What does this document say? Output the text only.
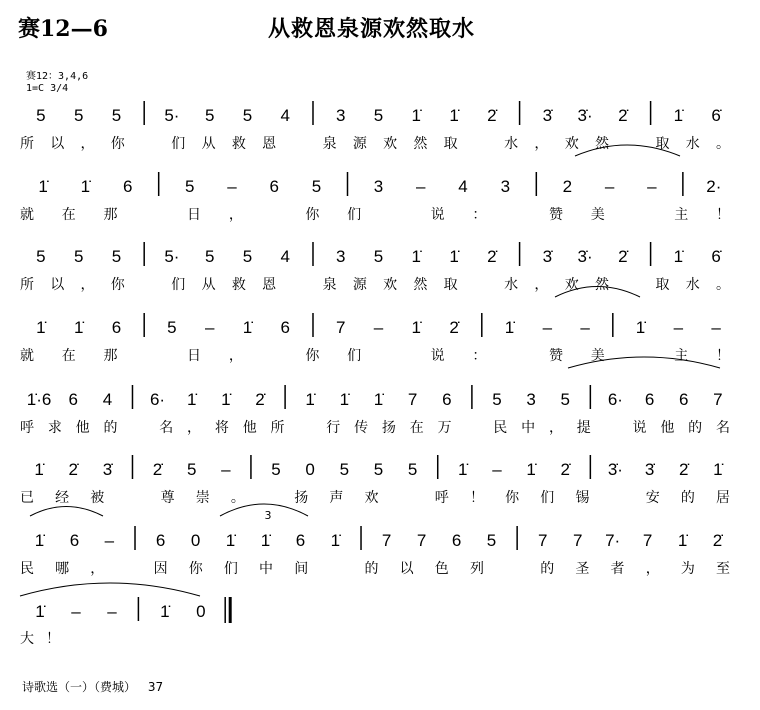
赛12—6	从救恩泉源欢然取水
赛12：3,4,6
1=C 3/4
5 5 5	5· 5 5 4	3 5 1̇ 1̇ 2̇	3̇ 3̇· 2̇	1̇ 6̇
所以，你　们从救恩　泉源欢然取　水，欢然　取水。
1̇ 1̇ 6	5 – 6 5	3 – 4 3	2 – –	2·
就在那　日，　你们　说：　赞美　主！
5 5 5	5· 5 5 4	3 5 1̇ 1̇ 2̇	3̇ 3̇· 2̇	1̇ 6̇
所以，你　们从救恩　泉源欢然取　水，欢然　取水。
1̇ 1̇ 6	5 – 1̇ 6	7 – 1̇ 2̇	1̇ – –	1̇ – –
就在那　日，　你们　说：　赞美　主！
1̇·6 6 4 6· 1̇ 1̇ 2̇ 1̇ 1̇ 1̇ 7 6 5 3 5 6· 6 6 7
呼求他的　名，将他所　行传扬在万　民中，提　说他的名
1̇ 2̇ 3̇ 2̇ 5 – 5 0 5 5 5 1̇ – 1̇ 2̇ 3̇· 3̇ 2̇ 1̇
已经被　尊崇。　扬声欢　呼！你们锡　安的居
1̇ 6 – 6 0 1̇ 1̇ 6 1̇ 7 7 6 5 7 7 7· 7 1̇ 2̇
民哪，　因你们中间　的以色列　的圣者，为至
3
1̇ – –	1̇ 0
大！
诗歌选（一）（费城） 37
